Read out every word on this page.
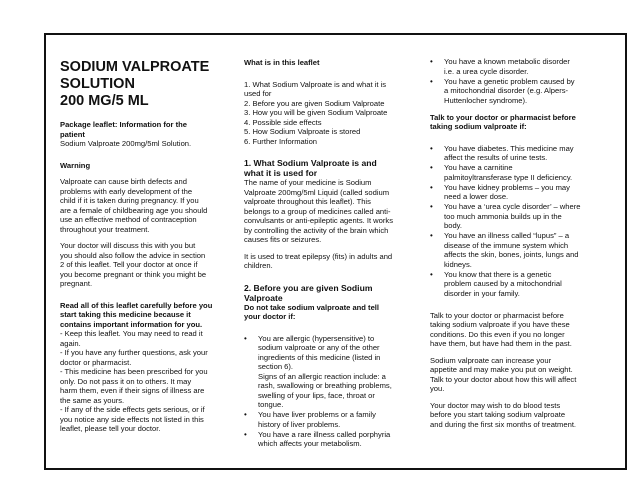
SODIUM VALPROATE
SOLUTION
200 MG/5 ML

Package leaflet: Information for the

patient

Sodium Valproate 200mg/5ml Solution.

Warning

Valproate can cause birth defects and

problems with early development of the

child if it is taken during pregnancy. If you

are a female of childbearing age you should

use an effective method of contraception

throughout your treatment.

Your doctor will discuss this with you but

you should also follow the advice in section

2 of this leaflet. Tell your doctor at once if

you become pregnant or think you might be

pregnant.

Read all of this leaflet carefully before you

start taking this medicine because it

contains important information for you.

- Keep this leaflet. You may need to read it

again.

- If you have any further questions, ask your

doctor or pharmacist.

- This medicine has been prescribed for you

only. Do not pass it on to others. It may

harm them, even if their signs of illness are

the same as yours.

- If any of the side effects gets serious, or if

you notice any side effects not listed in this

leaflet, please tell your doctor.

What is in this leaflet

1. What Sodium Valproate is and what it is

used for

2. Before you are given Sodium Valproate

3. How you will be given Sodium Valproate

4. Possible side effects

5. How Sodium Valproate is stored

6. Further Information

1. What Sodium Valproate is and

what it is used for

The name of your medicine is Sodium

Valproate 200mg/5ml Liquid (called sodium

valproate throughout this leaflet). This

belongs to a group of medicines called anti-

convulsants or anti-epileptic agents. It works

by controlling the activity of the brain which

causes fits or seizures.

It is used to treat epilepsy (fits) in adults and

children.

2. Before you are given Sodium

Valproate

Do not take sodium valproate and tell

your doctor if:

• You are allergic (hypersensitive) to
sodium valproate or any of the other
ingredients of this medicine (listed in
section 6).
Signs of an allergic reaction include: a
rash, swallowing or breathing problems,
swelling of your lips, face, throat or
tongue.
• You have liver problems or a family
history of liver problems.
• You have a rare illness called porphyria
which affects your metabolism.
• You have a known metabolic disorder
i.e. a urea cycle disorder.
• You have a genetic problem caused by
a mitochondrial disorder (e.g. Alpers-
Huttenlocher syndrome).

Talk to your doctor or pharmacist before

taking sodium valproate if:

• You have diabetes. This medicine may
affect the results of urine tests.
• You have a carnitine
palmitoyltransferase type II deficiency.
• You have kidney problems – you may
need a lower dose.
• You have a ‘urea cycle disorder’ – where
too much ammonia builds up in the
body.
• You have an illness called “lupus” – a
disease of the immune system which
affects the skin, bones, joints, lungs and
kidneys.
• You know that there is a genetic
problem caused by a mitochondrial
disorder in your family.

Talk to your doctor or pharmacist before

taking sodium valproate if you have these

conditions. Do this even if you no longer

have them, but have had them in the past.

Sodium valproate can increase your

appetite and may make you put on weight.

Talk to your doctor about how this will affect

you.

Your doctor may wish to do blood tests

before you start taking sodium valproate

and during the first six months of treatment.
